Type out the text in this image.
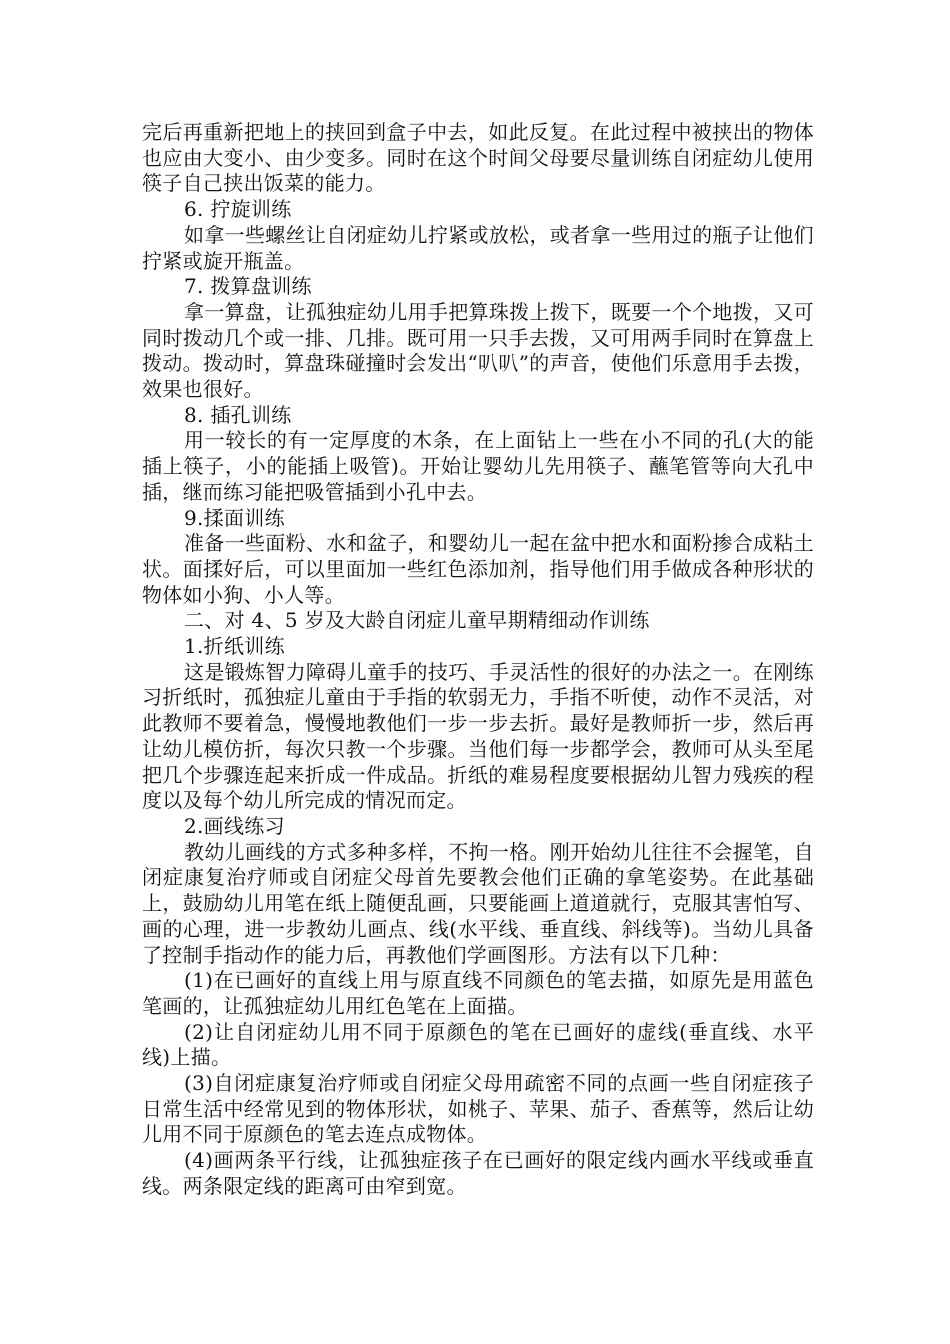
完后再重新把地上的挟回到盒子中去，如此反复。在此过程中被挟出的物体也应由大变小、由少变多。同时在这个时间父母要尽量训练自闭症幼儿使用筷子自己挟出饭菜的能力。

6. 拧旋训练

如拿一些螺丝让自闭症幼儿拧紧或放松，或者拿一些用过的瓶子让他们拧紧或旋开瓶盖。

7. 拨算盘训练

拿一算盘，让孤独症幼儿用手把算珠拨上拨下，既要一个个地拨，又可同时拨动几个或一排、几排。既可用一只手去拨，又可用两手同时在算盘上拨动。拨动时，算盘珠碰撞时会发出“叭叭”的声音，使他们乐意用手去拨，效果也很好。

8. 插孔训练

用一较长的有一定厚度的木条，在上面钻上一些在小不同的孔(大的能插上筷子，小的能插上吸管)。开始让婴幼儿先用筷子、蘸笔管等向大孔中插，继而练习能把吸管插到小孔中去。

9.揉面训练

准备一些面粉、水和盆子，和婴幼儿一起在盆中把水和面粉掺合成粘土状。面揉好后，可以里面加一些红色添加剂，指导他们用手做成各种形状的物体如小狗、小人等。

二、对 4、5 岁及大龄自闭症儿童早期精细动作训练

1.折纸训练

这是锻炼智力障碍儿童手的技巧、手灵活性的很好的办法之一。在刚练习折纸时，孤独症儿童由于手指的软弱无力，手指不听使，动作不灵活，对此教师不要着急，慢慢地教他们一步一步去折。最好是教师折一步，然后再让幼儿模仿折，每次只教一个步骤。当他们每一步都学会，教师可从头至尾把几个步骤连起来折成一件成品。折纸的难易程度要根据幼儿智力残疾的程度以及每个幼儿所完成的情况而定。

2.画线练习

教幼儿画线的方式多种多样，不拘一格。刚开始幼儿往往不会握笔，自闭症康复治疗师或自闭症父母首先要教会他们正确的拿笔姿势。在此基础上，鼓励幼儿用笔在纸上随便乱画，只要能画上道道就行，克服其害怕写、画的心理，进一步教幼儿画点、线(水平线、垂直线、斜线等)。当幼儿具备了控制手指动作的能力后，再教他们学画图形。方法有以下几种：

(1)在已画好的直线上用与原直线不同颜色的笔去描，如原先是用蓝色笔画的，让孤独症幼儿用红色笔在上面描。

(2)让自闭症幼儿用不同于原颜色的笔在已画好的虚线(垂直线、水平线)上描。

(3)自闭症康复治疗师或自闭症父母用疏密不同的点画一些自闭症孩子日常生活中经常见到的物体形状，如桃子、苹果、茄子、香蕉等，然后让幼儿用不同于原颜色的笔去连点成物体。

(4)画两条平行线，让孤独症孩子在已画好的限定线内画水平线或垂直线。两条限定线的距离可由窄到宽。
